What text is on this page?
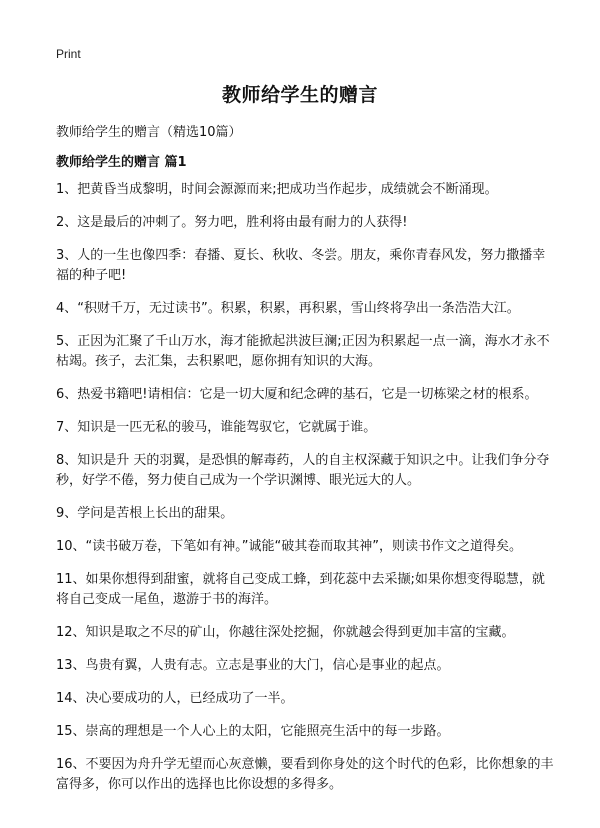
Print
教师给学生的赠言
教师给学生的赠言（精选10篇）
教师给学生的赠言 篇1
1、把黄昏当成黎明，时间会源源而来;把成功当作起步，成绩就会不断涌现。
2、这是最后的冲刺了。努力吧，胜利将由最有耐力的人获得!
3、人的一生也像四季：春播、夏长、秋收、冬尝。朋友，乘你青春风发，努力撒播幸福的种子吧!
4、“积财千万，无过读书”。积累，积累，再积累，雪山终将孕出一条浩浩大江。
5、正因为汇聚了千山万水，海才能掀起洪波巨澜;正因为积累起一点一滴，海水才永不枯竭。孩子，去汇集，去积累吧，愿你拥有知识的大海。
6、热爱书籍吧!请相信：它是一切大厦和纪念碑的基石，它是一切栋梁之材的根系。
7、知识是一匹无私的骏马，谁能驾驭它，它就属于谁。
8、知识是升 天的羽翼，是恐惧的解毒药，人的自主权深藏于知识之中。让我们争分夺秒，好学不倦，努力使自己成为一个学识渊博、眼光远大的人。
9、学问是苦根上长出的甜果。
10、“读书破万卷，下笔如有神。”诚能“破其卷而取其神”，则读书作文之道得矣。
11、如果你想得到甜蜜，就将自己变成工蜂，到花蕊中去采撷;如果你想变得聪慧，就将自己变成一尾鱼，遨游于书的海洋。
12、知识是取之不尽的矿山，你越往深处挖掘，你就越会得到更加丰富的宝藏。
13、鸟贵有翼，人贵有志。立志是事业的大门，信心是事业的起点。
14、决心要成功的人，已经成功了一半。
15、崇高的理想是一个人心上的太阳，它能照亮生活中的每一步路。
16、不要因为舟升学无望而心灰意懒，要看到你身处的这个时代的色彩，比你想象的丰富得多，你可以作出的选择也比你设想的多得多。
